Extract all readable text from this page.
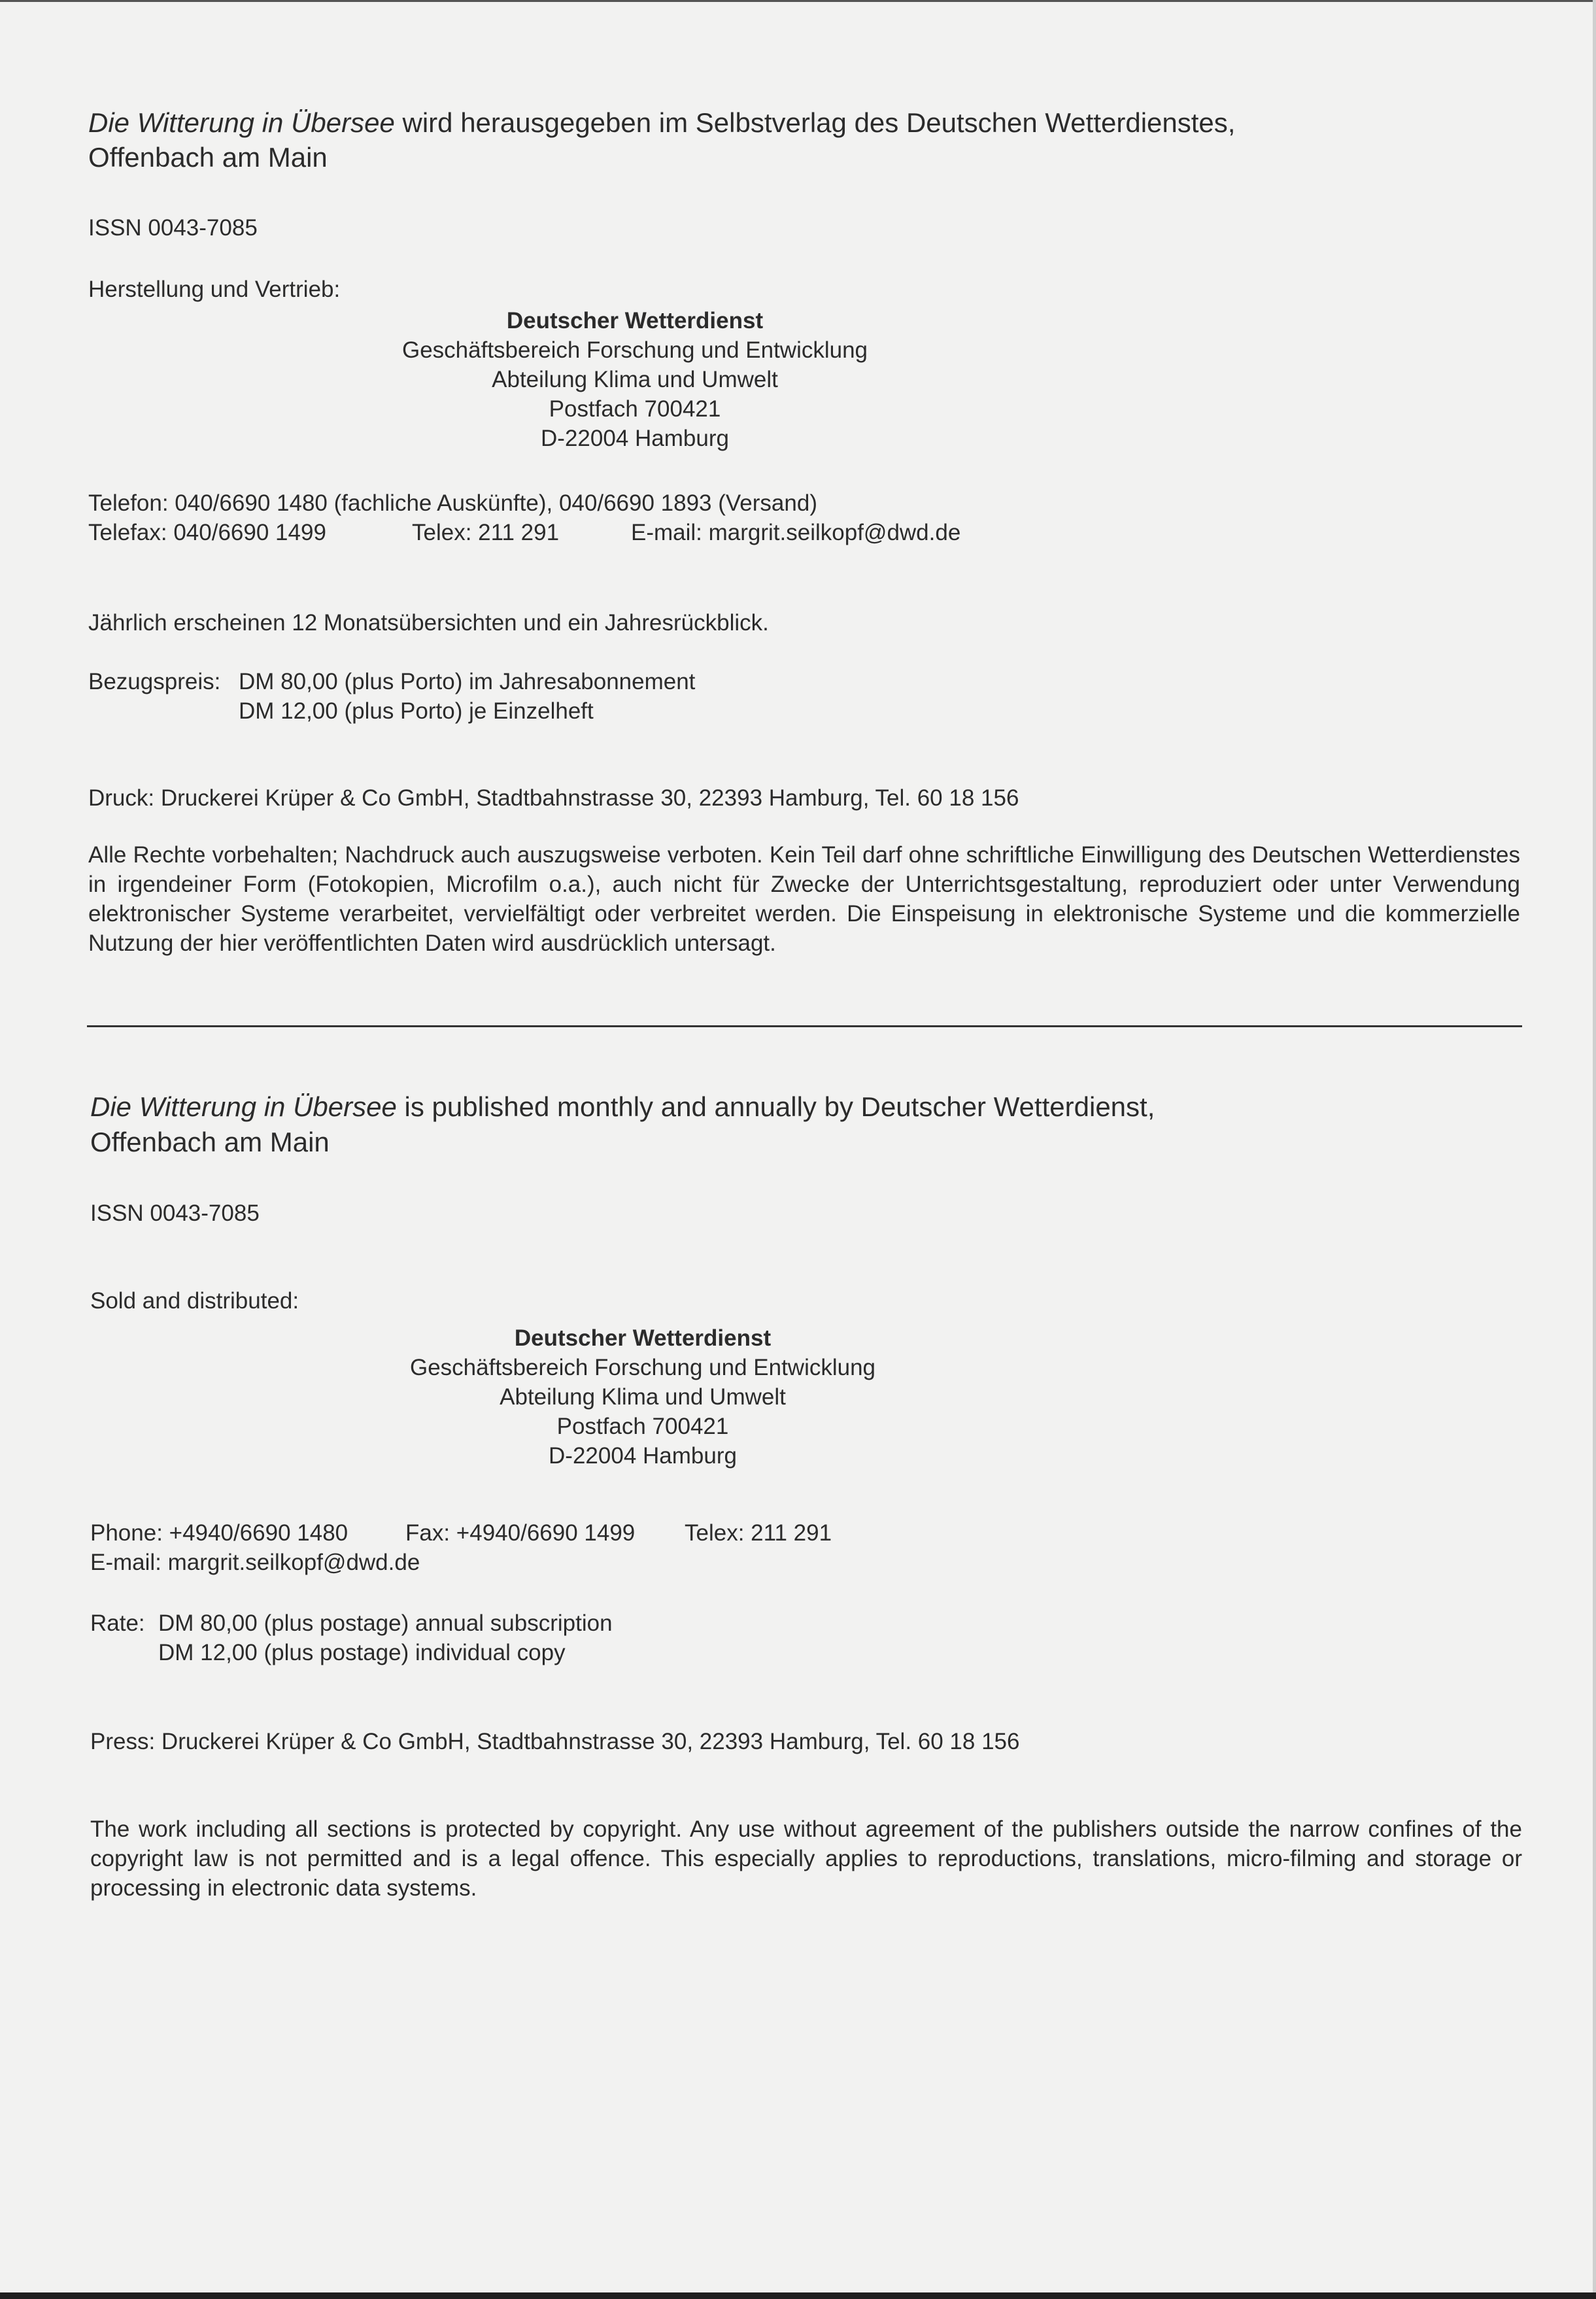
Die Witterung in Übersee wird herausgegeben im Selbstverlag des Deutschen Wetterdienstes,
Offenbach am Main
ISSN 0043-7085
Herstellung und Vertrieb:
Deutscher Wetterdienst
Geschäftsbereich Forschung und Entwicklung
Abteilung Klima und Umwelt
Postfach 700421
D-22004 Hamburg
Telefon: 040/6690 1480 (fachliche Auskünfte), 040/6690 1893 (Versand)
Telefax: 040/6690 1499	Telex: 211 291	E-mail: margrit.seilkopf@dwd.de
Jährlich erscheinen 12 Monatsübersichten und ein Jahresrückblick.
Bezugspreis: DM 80,00 (plus Porto) im Jahresabonnement
DM 12,00 (plus Porto) je Einzelheft
Druck: Druckerei Krüper & Co GmbH, Stadtbahnstrasse 30, 22393 Hamburg, Tel. 60 18 156
Alle Rechte vorbehalten; Nachdruck auch auszugsweise verboten. Kein Teil darf ohne schriftliche Einwilligung des Deutschen Wetterdienstes in irgendeiner Form (Fotokopien, Microfilm o.a.), auch nicht für Zwecke der Unterrichtsgestaltung, reproduziert oder unter Verwendung elektronischer Systeme verarbeitet, vervielfältigt oder verbreitet werden. Die Einspeisung in elektronische Systeme und die kommerzielle Nutzung der hier veröffentlichten Daten wird ausdrücklich untersagt.
Die Witterung in Übersee is published monthly and annually by Deutscher Wetterdienst,
Offenbach am Main
ISSN 0043-7085
Sold and distributed:
Deutscher Wetterdienst
Geschäftsbereich Forschung und Entwicklung
Abteilung Klima und Umwelt
Postfach 700421
D-22004 Hamburg
Phone: +4940/6690 1480	Fax: +4940/6690 1499 Telex: 211 291
E-mail: margrit.seilkopf@dwd.de
Rate: DM 80,00 (plus postage) annual subscription
DM 12,00 (plus postage) individual copy
Press: Druckerei Krüper & Co GmbH, Stadtbahnstrasse 30, 22393 Hamburg, Tel. 60 18 156
The work including all sections is protected by copyright. Any use without agreement of the publishers outside the narrow confines of the copyright law is not permitted and is a legal offence. This especially applies to reproductions, translations, micro-filming and storage or processing in electronic data systems.
